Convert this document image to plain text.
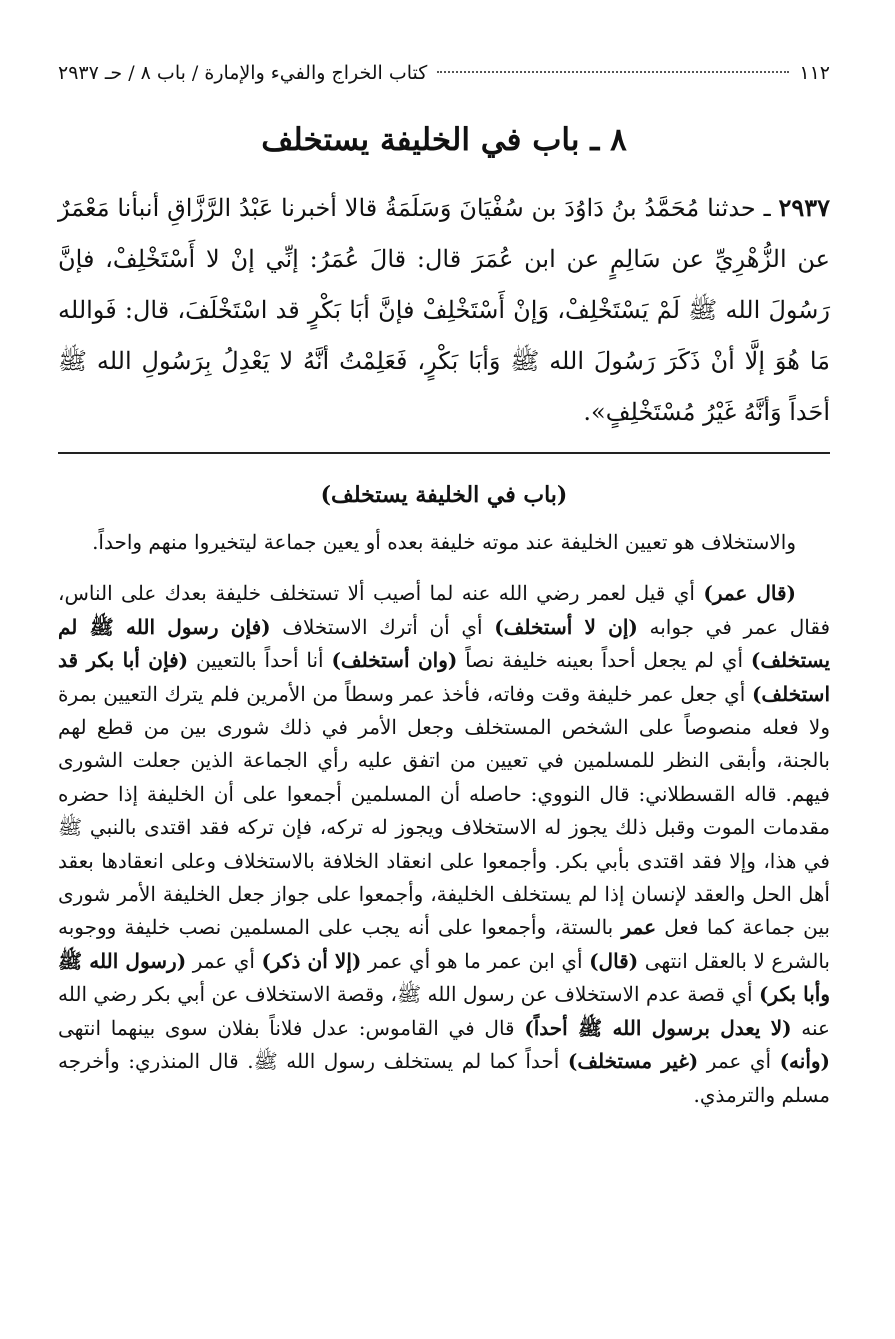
١١٢
كتاب الخراج والفيء والإمارة / باب ٨ / حـ ٢٩٣٧
٨ ـ باب في الخليفة يستخلف
٢٩٣٧ ـ حدثنا مُحَمَّدُ بنُ دَاوُدَ بن سُفْيَانَ وَسَلَمَةُ قالا أخبرنا عَبْدُ الرَّزَّاقِ أنبأنا مَعْمَرٌ عن الزُّهْرِيِّ عن سَالِمٍ عن ابن عُمَرَ قال: قالَ عُمَرُ: إنِّي إنْ لا أَسْتَخْلِفْ، فإنَّ رَسُولَ الله ﷺ لَمْ يَسْتَخْلِفْ، وَإنْ أَسْتَخْلِفْ فإنَّ أبَا بَكْرٍ قد اسْتَخْلَفَ، قال: فَوالله مَا هُوَ إلَّا أنْ ذَكَرَ رَسُولَ الله ﷺ وَأبَا بَكْرٍ، فَعَلِمْتُ أنَّهُ لا يَعْدِلُ بِرَسُولِ الله ﷺ أحَداً وَأنَّهُ غَيْرُ مُسْتَخْلِفٍ».
(باب في الخليفة يستخلف)

والاستخلاف هو تعيين الخليفة عند موته خليفة بعده أو يعين جماعة ليتخيروا منهم واحداً.

(قال عمر) أي قيل لعمر رضي الله عنه لما أصيب ألا تستخلف خليفة بعدك على الناس، فقال عمر في جوابه (إن لا أستخلف) أي أن أترك الاستخلاف (فإن رسول الله ﷺ لم يستخلف) أي لم يجعل أحداً بعينه خليفة نصاً (وان أستخلف) أنا أحداً بالتعيين (فإن أبا بكر قد استخلف) أي جعل عمر خليفة وقت وفاته، فأخذ عمر وسطاً من الأمرين فلم يترك التعيين بمرة ولا فعله منصوصاً على الشخص المستخلف وجعل الأمر في ذلك شورى بين من قطع لهم بالجنة، وأبقى النظر للمسلمين في تعيين من اتفق عليه رأي الجماعة الذين جعلت الشورى فيهم. قاله القسطلاني: قال النووي: حاصله أن المسلمين أجمعوا على أن الخليفة إذا حضره مقدمات الموت وقبل ذلك يجوز له الاستخلاف ويجوز له تركه، فإن تركه فقد اقتدى بالنبي ﷺ في هذا، وإلا فقد اقتدى بأبي بكر. وأجمعوا على انعقاد الخلافة بالاستخلاف وعلى انعقادها بعقد أهل الحل والعقد لإنسان إذا لم يستخلف الخليفة، وأجمعوا على جواز جعل الخليفة الأمر شورى بين جماعة كما فعل عمر بالستة، وأجمعوا على أنه يجب على المسلمين نصب خليفة ووجوبه بالشرع لا بالعقل انتهى (قال) أي ابن عمر ما هو أي عمر (إلا أن ذكر) أي عمر (رسول الله ﷺ وأبا بكر) أي قصة عدم الاستخلاف عن رسول الله ﷺ، وقصة الاستخلاف عن أبي بكر رضي الله عنه (لا يعدل برسول الله ﷺ أحداً) قال في القاموس: عدل فلاناً بفلان سوى بينهما انتهى (وأنه) أي عمر (غير مستخلف) أحداً كما لم يستخلف رسول الله ﷺ. قال المنذري: وأخرجه مسلم والترمذي.
